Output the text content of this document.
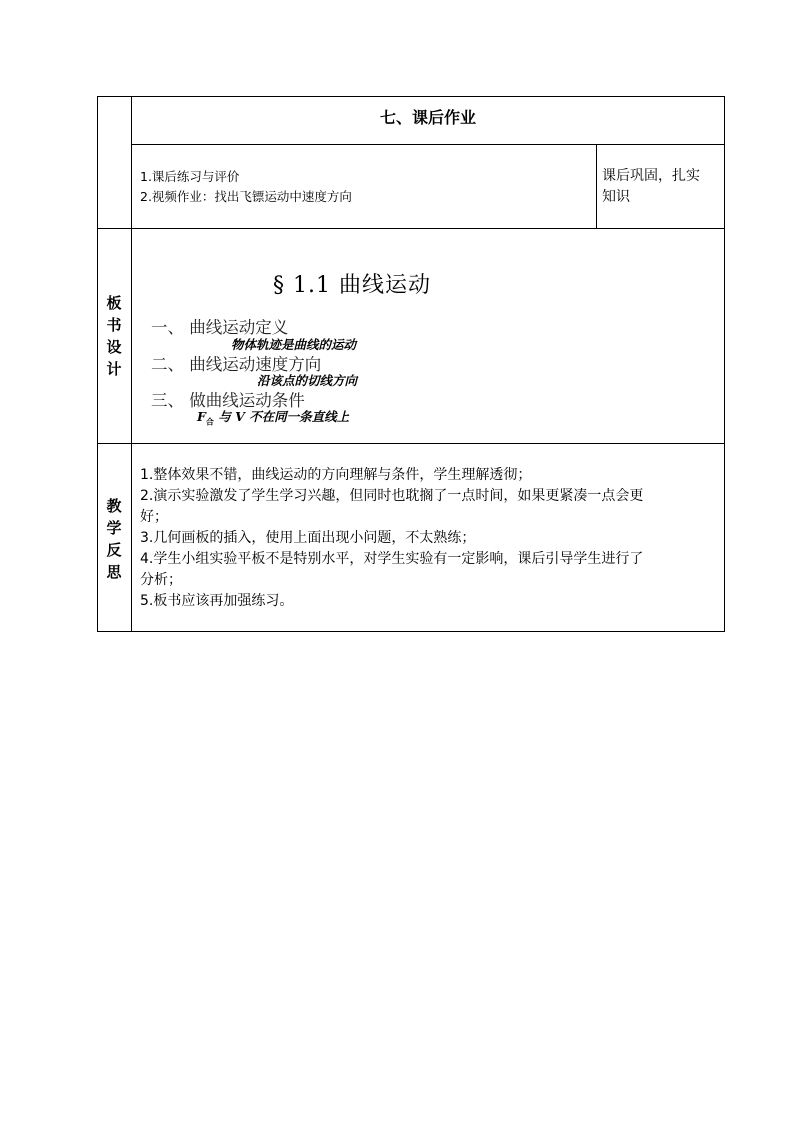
七、课后作业
1.课后练习与评价
2.视频作业：找出飞镖运动中速度方向
课后巩固，扎实
知识
板
书
设
计
§ 1.1 曲线运动
一、 曲线运动定义
物体轨迹是曲线的运动
二、 曲线运动速度方向
沿该点的切线方向
三、 做曲线运动条件
$F_合$ 与 V 不在同一条直线上
教
学
反
思
1.整体效果不错，曲线运动的方向理解与条件，学生理解透彻；
2.演示实验激发了学生学习兴趣，但同时也耽搁了一点时间，如果更紧凑一点会更
好；
3.几何画板的插入，使用上面出现小问题，不太熟练；
4.学生小组实验平板不是特别水平，对学生实验有一定影响，课后引导学生进行了
分析；
5.板书应该再加强练习。
